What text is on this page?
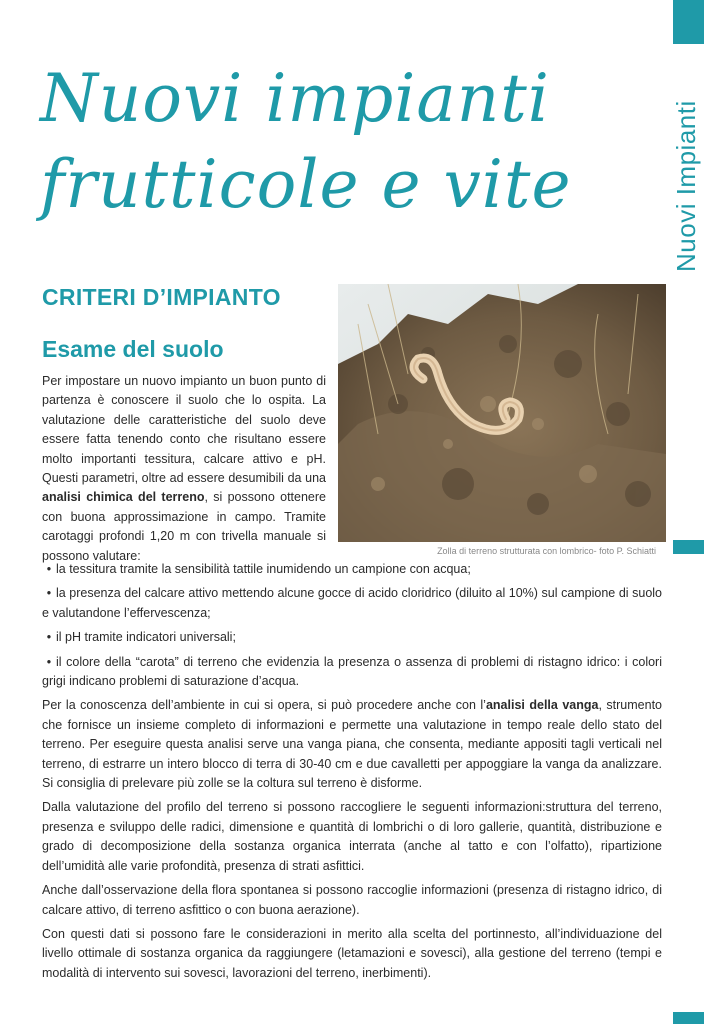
Nuovi Impianti
Nuovi impianti
frutticole e vite
CRITERI D’IMPIANTO
Esame del suolo
Per impostare un nuovo impianto un buon punto di partenza è conoscere il suolo che lo ospita. La valutazione delle caratteristiche del suolo deve essere fatta tenendo conto che risultano essere molto importanti tessitura, calcare attivo e pH. Questi parametri, oltre ad essere desumibili da una analisi chimica del terreno, si possono ottenere con buona approssimazione in campo. Tramite carotaggi profondi 1,20 m con trivella manuale si possono valutare:	Zolla di terreno strutturata con lombrico- foto P. Schiatti
• la tessitura tramite la sensibilità tattile inumidendo un campione con acqua;
• la presenza del calcare attivo mettendo alcune gocce di acido cloridrico (diluito al 10%) sul campione di suolo e valutandone l’effervescenza;
• il pH tramite indicatori universali;
• il colore della “carota” di terreno che evidenzia la presenza o assenza di problemi di ristagno idrico: i colori grigi indicano problemi di saturazione d’acqua.

Per la conoscenza dell’ambiente in cui si opera, si può procedere anche con l’analisi della vanga, strumento che fornisce un insieme completo di informazioni e permette una valutazione in tempo reale dello stato del terreno. Per eseguire questa analisi serve una vanga piana, che consenta, mediante appositi tagli verticali nel terreno, di estrarre un intero blocco di terra di 30-40 cm e due cavalletti per appoggiare la vanga da analizzare. Si consiglia di prelevare più zolle se la coltura sul terreno è disforme.

Dalla valutazione del profilo del terreno si possono raccogliere le seguenti informazioni:struttura del terreno, presenza e sviluppo delle radici, dimensione e quantità di lombrichi o di loro gallerie, quantità, distribuzione e grado di decomposizione della sostanza organica interrata (anche al tatto e con l’olfatto), ripartizione dell’umidità alle varie profondità, presenza di strati asfittici.

Anche dall’osservazione della flora spontanea si possono raccoglie informazioni (presenza di ristagno idrico, di calcare attivo, di terreno asfittico o con buona aerazione).

Con questi dati si possono fare le considerazioni in merito alla scelta del portinnesto, all’individuazione del livello ottimale di sostanza organica da raggiungere (letamazioni e sovesci), alla gestione del terreno (tempi e modalità di intervento sui sovesci, lavorazioni del terreno, inerbimenti).
